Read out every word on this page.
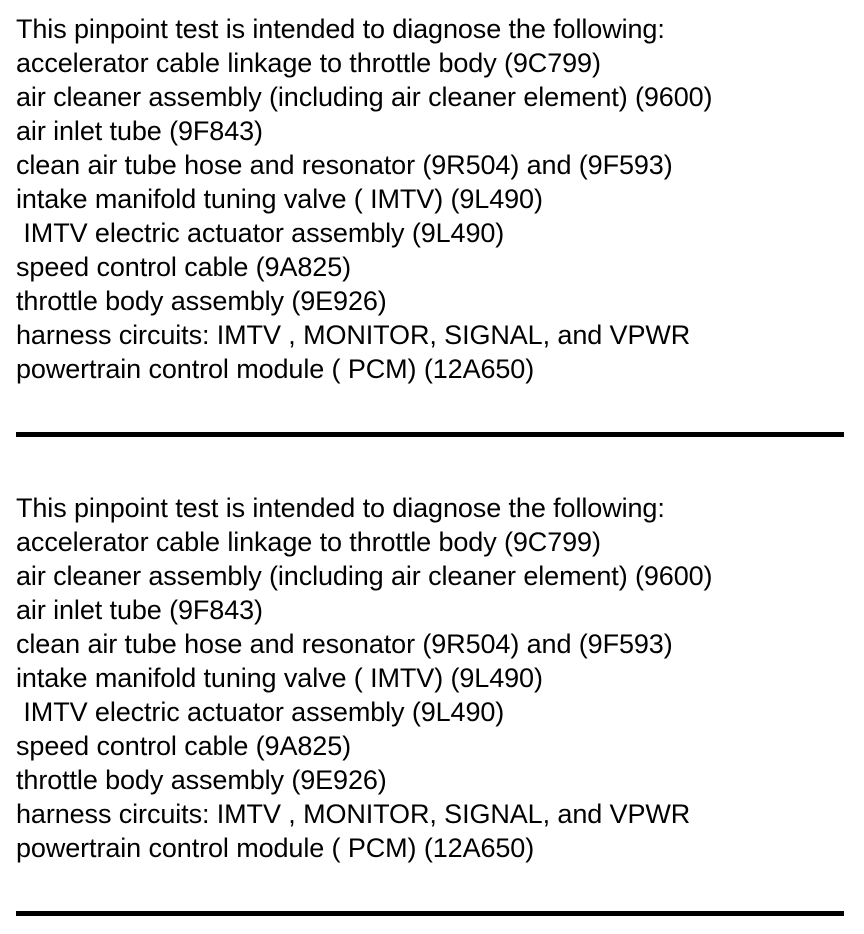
This pinpoint test is intended to diagnose the following:
accelerator cable linkage to throttle body (9C799)
air cleaner assembly (including air cleaner element) (9600)
air inlet tube (9F843)
clean air tube hose and resonator (9R504) and (9F593)
intake manifold tuning valve ( IMTV) (9L490)
IMTV electric actuator assembly (9L490)
speed control cable (9A825)
throttle body assembly (9E926)
harness circuits: IMTV , MONITOR, SIGNAL, and VPWR
powertrain control module ( PCM) (12A650)
This pinpoint test is intended to diagnose the following:
accelerator cable linkage to throttle body (9C799)
air cleaner assembly (including air cleaner element) (9600)
air inlet tube (9F843)
clean air tube hose and resonator (9R504) and (9F593)
intake manifold tuning valve ( IMTV) (9L490)
IMTV electric actuator assembly (9L490)
speed control cable (9A825)
throttle body assembly (9E926)
harness circuits: IMTV , MONITOR, SIGNAL, and VPWR
powertrain control module ( PCM) (12A650)
